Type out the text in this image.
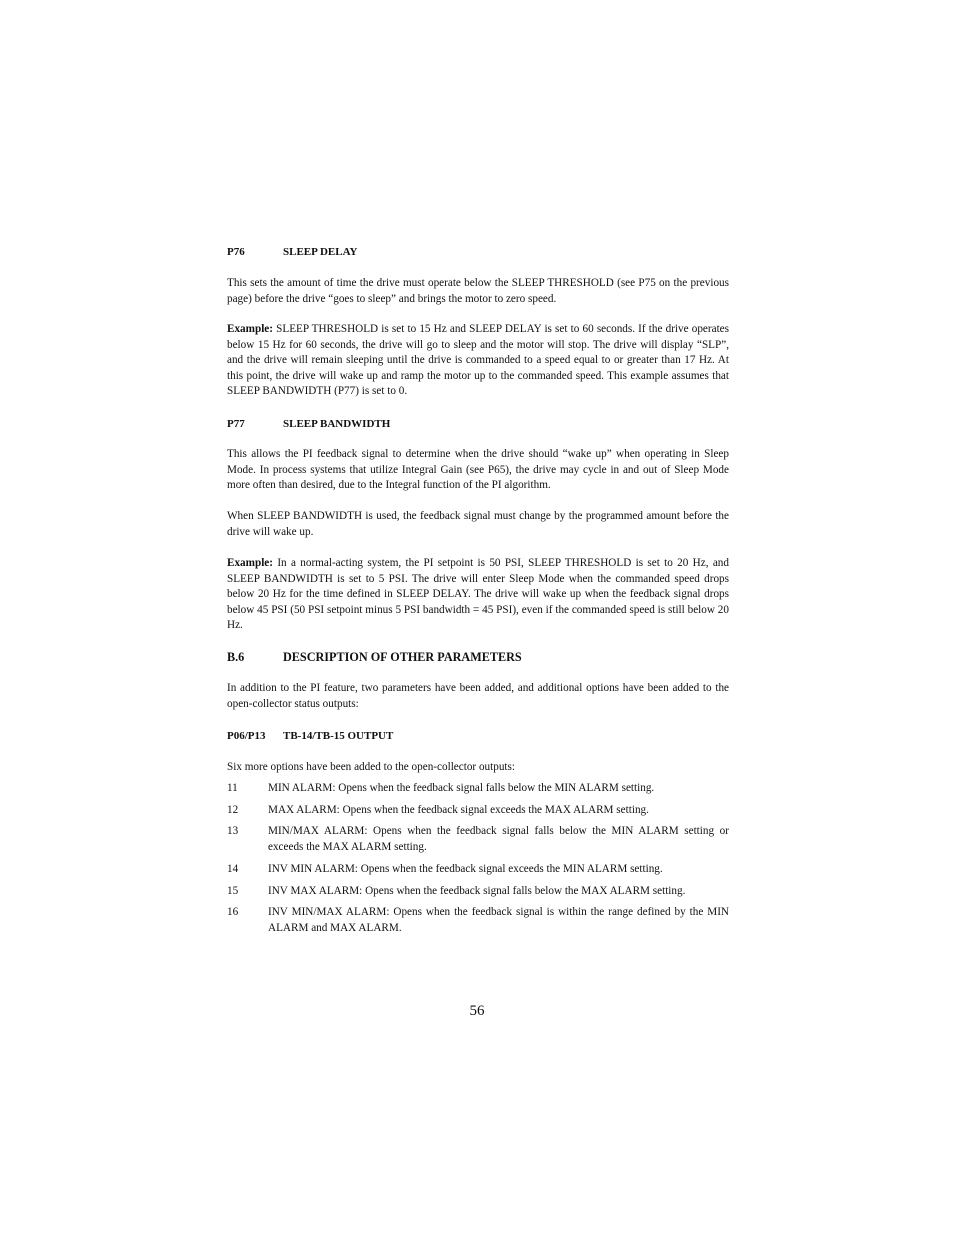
P76	SLEEP DELAY
This sets the amount of time the drive must operate below the SLEEP THRESHOLD (see P75 on the previous page) before the drive “goes to sleep” and brings the motor to zero speed.
Example: SLEEP THRESHOLD is set to 15 Hz and SLEEP DELAY is set to 60 seconds. If the drive operates below 15 Hz for 60 seconds, the drive will go to sleep and the motor will stop. The drive will display “SLP”, and the drive will remain sleeping until the drive is commanded to a speed equal to or greater than 17 Hz. At this point, the drive will wake up and ramp the motor up to the commanded speed. This example assumes that SLEEP BANDWIDTH (P77) is set to 0.
P77	SLEEP BANDWIDTH
This allows the PI feedback signal to determine when the drive should “wake up” when operating in Sleep Mode. In process systems that utilize Integral Gain (see P65), the drive may cycle in and out of Sleep Mode more often than desired, due to the Integral function of the PI algorithm.
When SLEEP BANDWIDTH is used, the feedback signal must change by the programmed amount before the drive will wake up.
Example: In a normal-acting system, the PI setpoint is 50 PSI, SLEEP THRESHOLD is set to 20 Hz, and SLEEP BANDWIDTH is set to 5 PSI. The drive will enter Sleep Mode when the commanded speed drops below 20 Hz for the time defined in SLEEP DELAY. The drive will wake up when the feedback signal drops below 45 PSI (50 PSI setpoint minus 5 PSI bandwidth = 45 PSI), even if the commanded speed is still below 20 Hz.
B.6	DESCRIPTION OF OTHER PARAMETERS
In addition to the PI feature, two parameters have been added, and additional options have been added to the open-collector status outputs:
P06/P13 TB-14/TB-15 OUTPUT
Six more options have been added to the open-collector outputs:
11	MIN ALARM: Opens when the feedback signal falls below the MIN ALARM setting.
12	MAX ALARM: Opens when the feedback signal exceeds the MAX ALARM setting.
13	MIN/MAX ALARM: Opens when the feedback signal falls below the MIN ALARM setting or exceeds the MAX ALARM setting.
14	INV MIN ALARM: Opens when the feedback signal exceeds the MIN ALARM setting.
15	INV MAX ALARM: Opens when the feedback signal falls below the MAX ALARM setting.
16	INV MIN/MAX ALARM: Opens when the feedback signal is within the range defined by the MIN ALARM and MAX ALARM.
56
